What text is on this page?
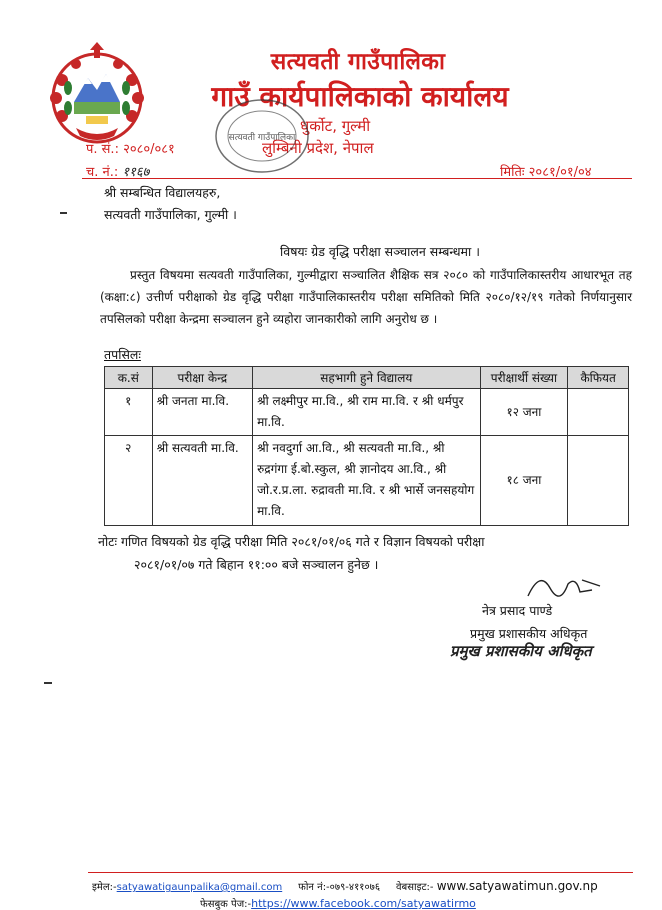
सत्यवती गाउँपालिका
गाउँ कार्यपालिकाको कार्यालय
धुर्कोट, गुल्मी
लुम्बिनी प्रदेश, नेपाल
सत्यवती गाउँपालिका
प. सं.: २०८०/०८१
च. नं.: ११६७	मितिः २०८१/०१/०४
श्री सम्बन्धित विद्यालयहरु,
सत्यवती गाउँपालिका, गुल्मी ।
विषयः ग्रेड वृद्धि परीक्षा सञ्चालन सम्बन्धमा ।
प्रस्तुत विषयमा सत्यवती गाउँपालिका, गुल्मीद्वारा सञ्चालित शैक्षिक सत्र २०८० को गाउँपालिकास्तरीय आधारभूत तह (कक्षा:८) उत्तीर्ण परीक्षाको ग्रेड वृद्धि परीक्षा गाउँपालिकास्तरीय परीक्षा समितिको मिति २०८०/१२/१९ गतेको निर्णयानुसार तपसिलको परीक्षा केन्द्रमा सञ्चालन हुने व्यहोरा जानकारीको लागि अनुरोध छ ।
तपसिलः
क.सं	परीक्षा केन्द्र	सहभागी हुने विद्यालय	परीक्षार्थी संख्या	कैफियत
१	श्री जनता मा.वि.	श्री लक्ष्मीपुर मा.वि., श्री राम मा.वि. र श्री धर्मपुर मा.वि.	१२ जना	
२	श्री सत्यवती मा.वि.	श्री नवदुर्गा आ.वि., श्री सत्यवती मा.वि., श्री रुद्रगंगा ई.बो.स्कुल, श्री ज्ञानोदय आ.वि., श्री जो.र.प्र.ला. रुद्रावती मा.वि. र श्री भार्से जनसहयोग मा.वि.	१८ जना	
नोटः गणित विषयको ग्रेड वृद्धि परीक्षा मिति २०८१/०१/०६ गते र विज्ञान विषयको परीक्षा
२०८१/०१/०७ गते बिहान ११:०० बजे सञ्चालन हुनेछ ।
नेत्र प्रसाद पाण्डे
प्रमुख प्रशासकीय अधिकृत
प्रमुख प्रशासकीय अधिकृत
इमेल:-satyawatigaunpalika@gmail.com फोन नं:-०७९-४११०७६ वेबसाइट:- www.satyawatimun.gov.np
फेसबुक पेज:-https://www.facebook.com/satyawatirmo
